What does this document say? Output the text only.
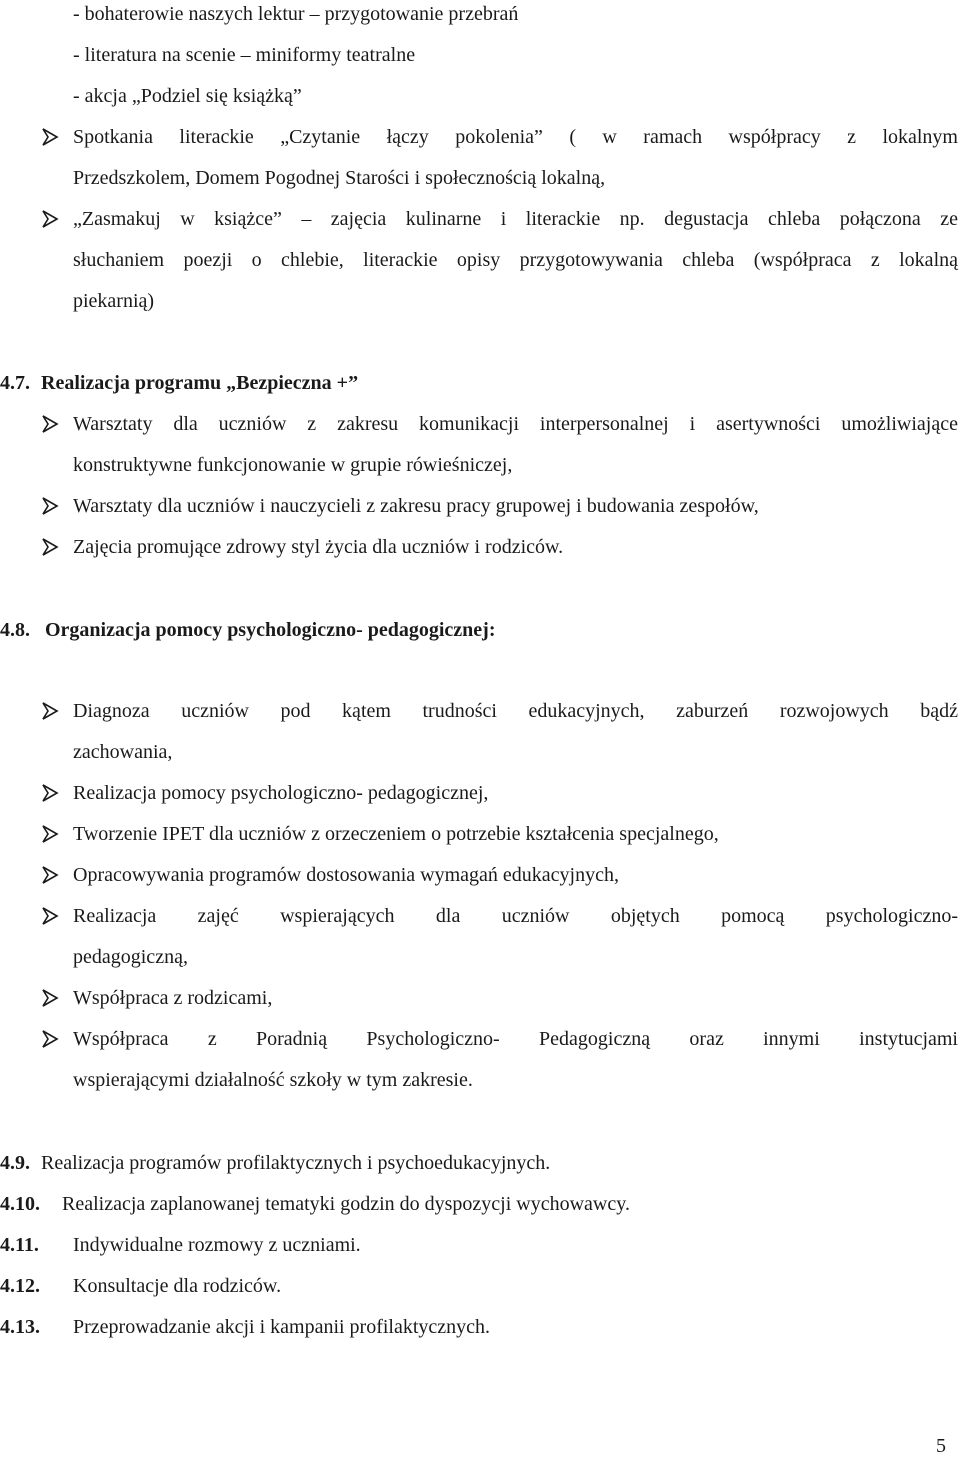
- bohaterowie naszych lektur – przygotowanie przebrań
- literatura na scenie – miniformy teatralne
- akcja „Podziel się książką”
Spotkania literackie „Czytanie łączy pokolenia” ( w ramach współpracy z lokalnym
Przedszkolem, Domem Pogodnej Starości i społecznością lokalną,
„Zasmakuj w książce” – zajęcia kulinarne i literackie np. degustacja chleba połączona ze
słuchaniem poezji o chlebie, literackie opisy przygotowywania chleba (współpraca z lokalną
piekarnią)
4.7. Realizacja programu „Bezpieczna +”
Warsztaty dla uczniów z zakresu komunikacji interpersonalnej i asertywności umożliwiające
konstruktywne funkcjonowanie w grupie rówieśniczej,
Warsztaty dla uczniów i nauczycieli z zakresu pracy grupowej i budowania zespołów,
Zajęcia promujące zdrowy styl życia dla uczniów i rodziców.
4.8. Organizacja pomocy psychologiczno- pedagogicznej:
Diagnoza uczniów pod kątem trudności edukacyjnych, zaburzeń rozwojowych bądź
zachowania,
Realizacja pomocy psychologiczno- pedagogicznej,
Tworzenie IPET dla uczniów z orzeczeniem o potrzebie kształcenia specjalnego,
Opracowywania programów dostosowania wymagań edukacyjnych,
Realizacja zajęć wspierających dla uczniów objętych pomocą psychologiczno-
pedagogiczną,
Współpraca z rodzicami,
Współpraca z Poradnią Psychologiczno- Pedagogiczną oraz innymi instytucjami
wspierającymi działalność szkoły w tym zakresie.
4.9. Realizacja programów profilaktycznych i psychoedukacyjnych.
4.10. Realizacja zaplanowanej tematyki godzin do dyspozycji wychowawcy.
4.11. Indywidualne rozmowy z uczniami.
4.12. Konsultacje dla rodziców.
4.13. Przeprowadzanie akcji i kampanii profilaktycznych.
5
